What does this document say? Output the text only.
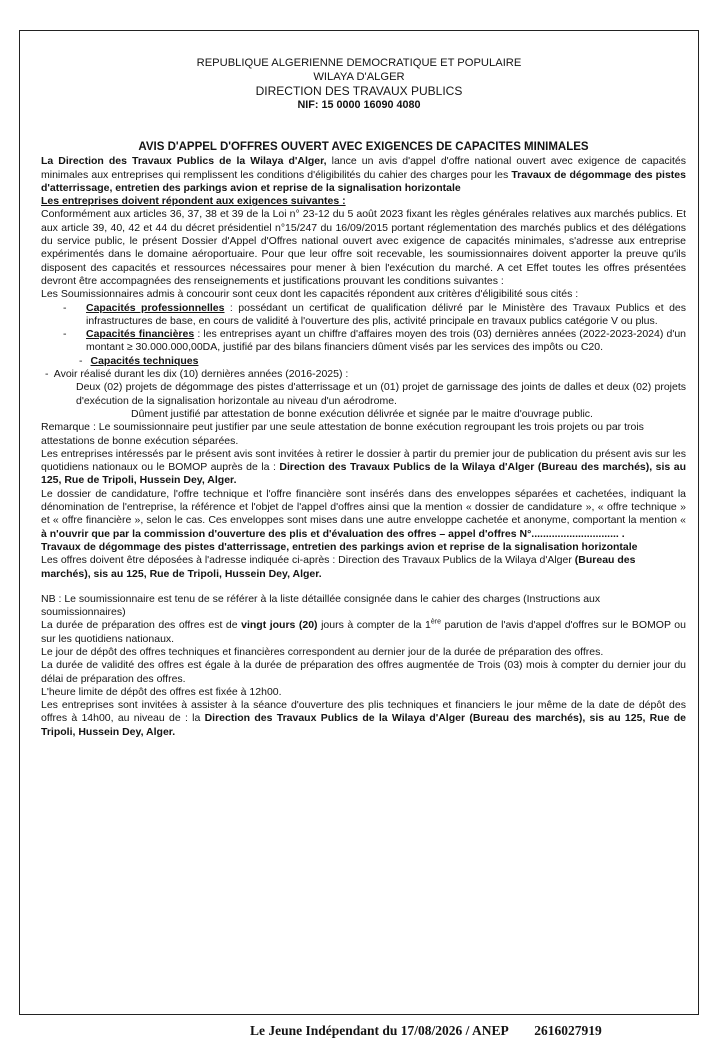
REPUBLIQUE ALGERIENNE DEMOCRATIQUE ET POPULAIRE
WILAYA D'ALGER
DIRECTION DES TRAVAUX PUBLICS
NIF: 15 0000 16090 4080

AVIS D'APPEL D'OFFRES OUVERT AVEC EXIGENCES DE CAPACITES MINIMALES

La Direction des Travaux Publics de la Wilaya d'Alger, lance un avis d'appel d'offre national ouvert avec exigence de capacités minimales aux entreprises qui remplissent les conditions d'éligibilités du cahier des charges pour les Travaux de dégommage des pistes d'atterrissage, entretien des parkings avion et reprise de la signalisation horizontale

Les entreprises doivent répondent aux exigences suivantes :

Conformément aux articles 36, 37, 38 et 39 de la Loi n° 23-12 du 5 août 2023 fixant les règles générales relatives aux marchés publics. Et aux article 39, 40, 42 et 44 du décret présidentiel n°15/247 du 16/09/2015 portant réglementation des marchés publics et des délégations du service public, le présent Dossier d'Appel d'Offres national ouvert avec exigence de capacités minimales, s'adresse aux entreprise expérimentés dans le domaine aéroportuaire. Pour que leur offre soit recevable, les soumissionnaires doivent apporter la preuve qu'ils disposent des capacités et ressources nécessaires pour mener à bien l'exécution du marché. A cet Effet toutes les offres présentées devront être accompagnées des renseignements et justifications prouvant les conditions suivantes :

Les Soumissionnaires admis à concourir sont ceux dont les capacités répondent aux critères d'éligibilité sous cités :

- Capacités professionnelles : possédant un certificat de qualification délivré par le Ministère des Travaux Publics et des infrastructures de base, en cours de validité à l'ouverture des plis, activité principale en travaux publics catégorie V ou plus.
- Capacités financières : les entreprises ayant un chiffre d'affaires moyen des trois (03) dernières années (2022-2023-2024) d'un montant ≥ 30.000.000,00DA, justifié par des bilans financiers dûment visés par les services des impôts ou C20.

- Capacités techniques

-  Avoir réalisé durant les dix (10) dernières années (2016-2025) :

Deux (02) projets de dégommage des pistes d'atterrissage et un (01) projet de garnissage des joints de dalles et deux (02) projets d'exécution de la signalisation horizontale au niveau d'un aérodrome.

Dûment justifié par attestation de bonne exécution délivrée et signée par le maitre d'ouvrage public.

Remarque : Le soumissionnaire peut justifier par une seule attestation de bonne exécution regroupant les trois projets ou par trois attestations de bonne exécution séparées.

Les entreprises intéressés par le présent avis sont invitées à retirer le dossier à partir du premier jour de publication du présent avis sur les quotidiens nationaux ou le BOMOP auprès de la : Direction des Travaux Publics de la Wilaya d'Alger (Bureau des marchés), sis au 125, Rue de Tripoli, Hussein Dey, Alger.

Le dossier de candidature, l'offre technique et l'offre financière sont insérés dans des enveloppes séparées et cachetées, indiquant la dénomination de l'entreprise, la référence et l'objet de l'appel d'offres ainsi que la mention « dossier de candidature », « offre technique » et « offre financière », selon le cas. Ces enveloppes sont mises dans une autre enveloppe cachetée et anonyme, comportant la mention « à n'ouvrir que par la commission d'ouverture des plis et d'évaluation des offres – appel d'offres N°.............................. .

Travaux de dégommage des pistes d'atterrissage, entretien des parkings avion et reprise de la signalisation horizontale

Les offres doivent être déposées à l'adresse indiquée ci-après : Direction des Travaux Publics de la Wilaya d'Alger (Bureau des marchés), sis au 125, Rue de Tripoli, Hussein Dey, Alger.

NB : Le soumissionnaire est tenu de se référer à la liste détaillée consignée dans le cahier des charges (Instructions aux soumissionnaires)

La durée de préparation des offres est de vingt jours (20) jours à compter de la 1ère parution de l'avis d'appel d'offres sur le BOMOP ou sur les quotidiens nationaux.

Le jour de dépôt des offres techniques et financières correspondent au dernier jour de la durée de préparation des offres.

La durée de validité des offres est égale à la durée de préparation des offres augmentée de Trois (03) mois à compter du dernier jour du délai de préparation des offres.

L'heure limite de dépôt des offres est fixée à 12h00.

Les entreprises sont invitées à assister à la séance d'ouverture des plis techniques et financiers le jour même de la date de dépôt des offres à 14h00, au niveau de : la Direction des Travaux Publics de la Wilaya d'Alger (Bureau des marchés), sis au 125, Rue de Tripoli, Hussein Dey, Alger.

Le Jeune Indépendant du 17/08/2026 / ANEP 2616027919
